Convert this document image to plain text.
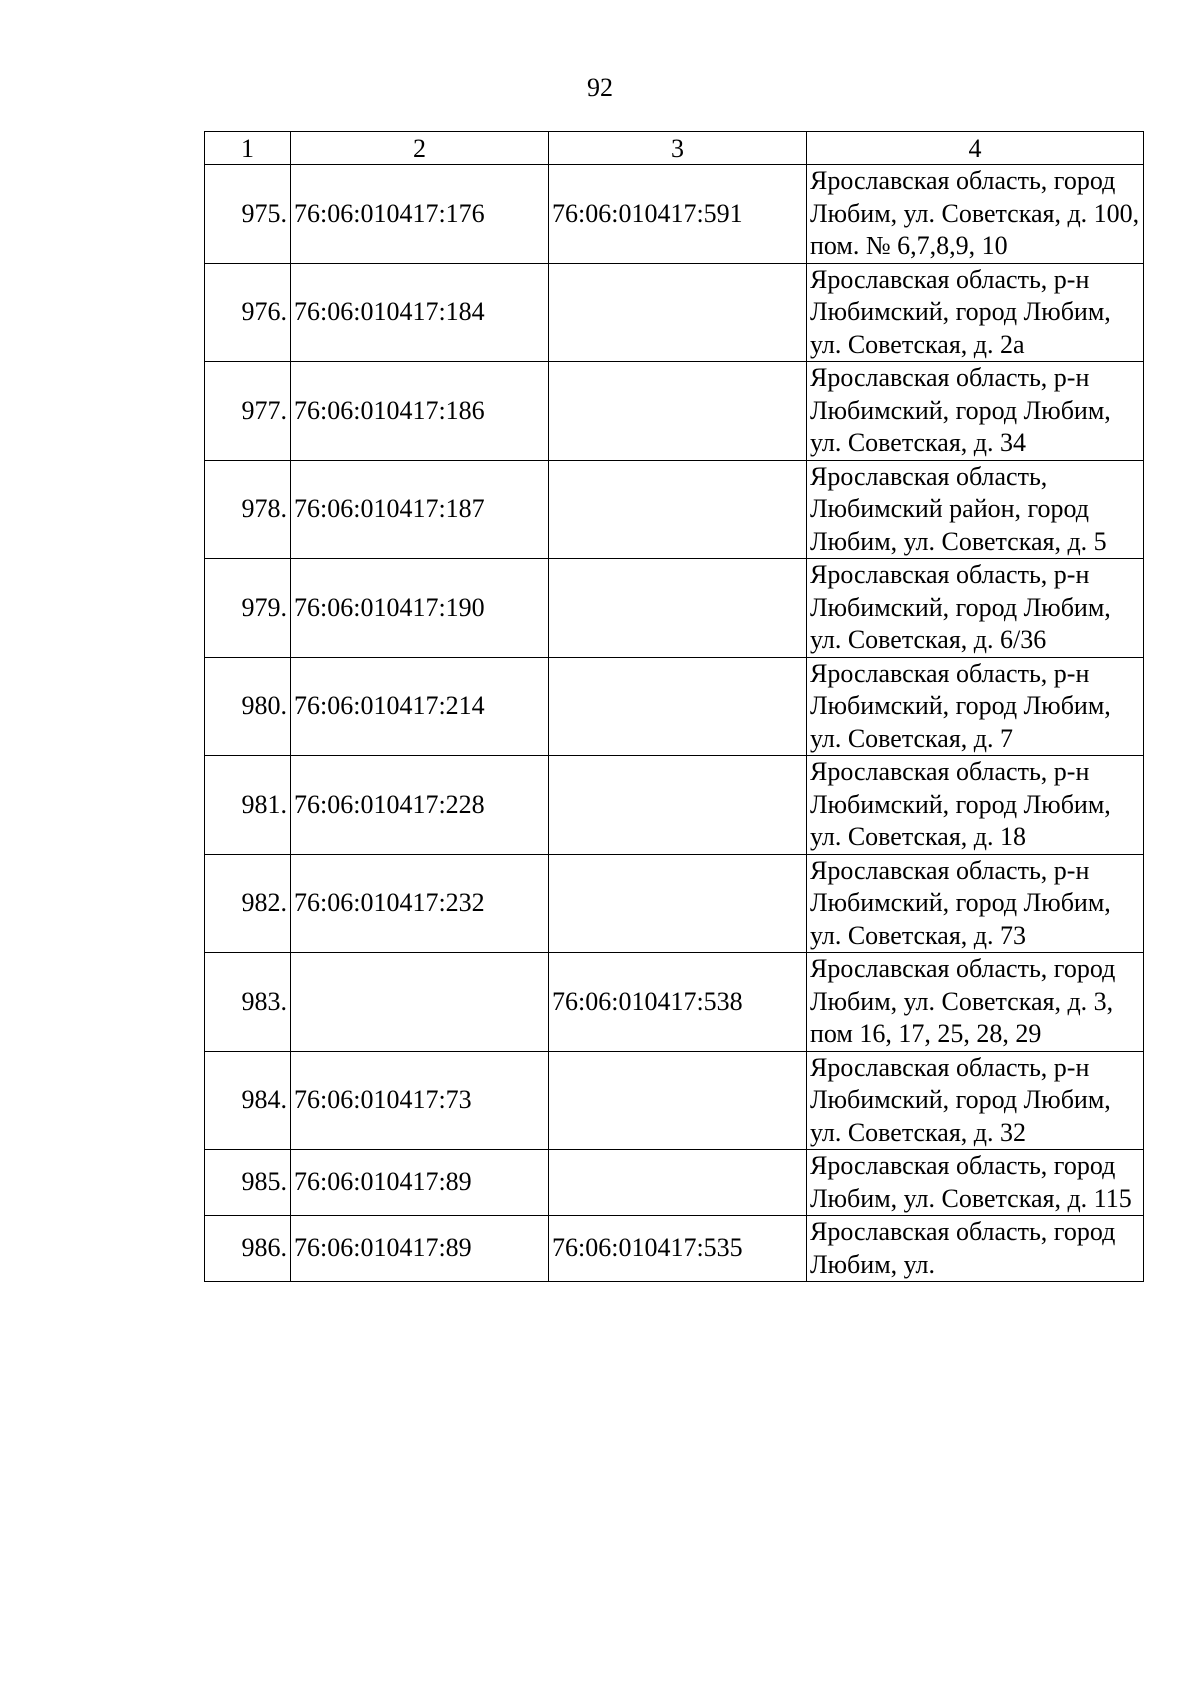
92
1	2	3	4
975.	76:06:010417:176	76:06:010417:591	Ярославская область, город Любим, ул. Советская, д. 100, пом. № 6,7,8,9, 10
976.	76:06:010417:184		Ярославская область, р-н Любимский, город Любим, ул. Советская, д. 2а
977.	76:06:010417:186		Ярославская область, р-н Любимский, город Любим, ул. Советская, д. 34
978.	76:06:010417:187		Ярославская область, Любимский район, город Любим, ул. Советская, д. 5
979.	76:06:010417:190		Ярославская область, р-н Любимский, город Любим, ул. Советская, д. 6/36
980.	76:06:010417:214		Ярославская область, р-н Любимский, город Любим, ул. Советская, д. 7
981.	76:06:010417:228		Ярославская область, р-н Любимский, город Любим, ул. Советская, д. 18
982.	76:06:010417:232		Ярославская область, р-н Любимский, город Любим, ул. Советская, д. 73
983.		76:06:010417:538	Ярославская область, город Любим, ул. Советская, д. 3, пом 16, 17, 25, 28, 29
984.	76:06:010417:73		Ярославская область, р-н Любимский, город Любим, ул. Советская, д. 32
985.	76:06:010417:89		Ярославская область, город Любим, ул. Советская, д. 115
986.	76:06:010417:89	76:06:010417:535	Ярославская область, город Любим, ул.
